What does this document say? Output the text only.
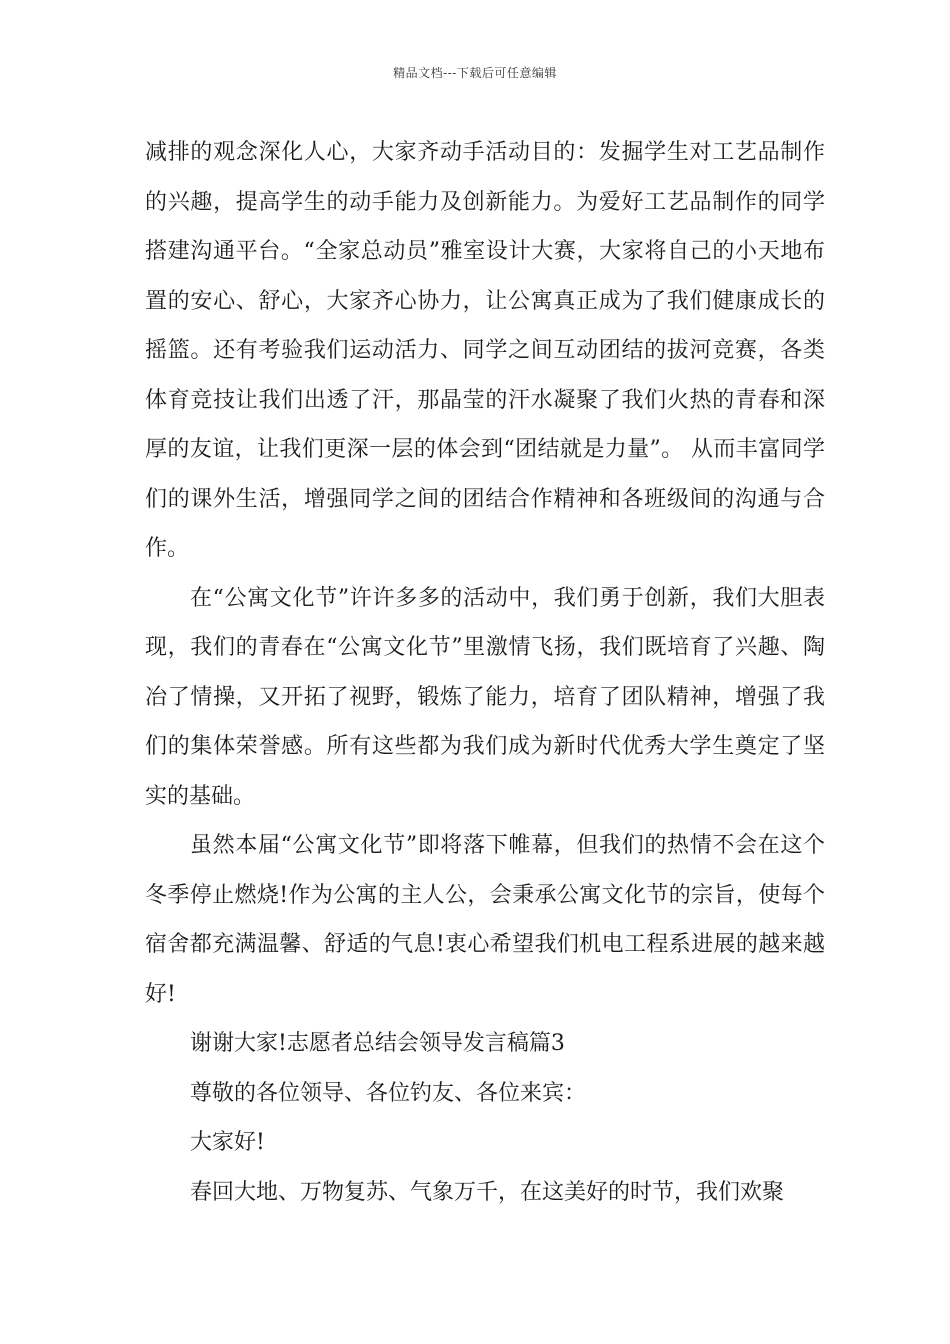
精品文档---下载后可任意编辑

减排的观念深化人心，大家齐动手活动目的：发掘学生对工艺品制作的兴趣，提高学生的动手能力及创新能力。为爱好工艺品制作的同学搭建沟通平台。“全家总动员”雅室设计大赛，大家将自己的小天地布置的安心、舒心，大家齐心协力，让公寓真正成为了我们健康成长的摇篮。还有考验我们运动活力、同学之间互动团结的拔河竞赛，各类体育竞技让我们出透了汗，那晶莹的汗水凝聚了我们火热的青春和深厚的友谊，让我们更深一层的体会到“团结就是力量”。 从而丰富同学们的课外生活，增强同学之间的团结合作精神和各班级间的沟通与合作。

在“公寓文化节”许许多多的活动中，我们勇于创新，我们大胆表现，我们的青春在“公寓文化节”里激情飞扬，我们既培育了兴趣、陶冶了情操，又开拓了视野，锻炼了能力，培育了团队精神，增强了我们的集体荣誉感。所有这些都为我们成为新时代优秀大学生奠定了坚实的基础。

虽然本届“公寓文化节”即将落下帷幕，但我们的热情不会在这个冬季停止燃烧!作为公寓的主人公，会秉承公寓文化节的宗旨，使每个宿舍都充满温馨、舒适的气息!衷心希望我们机电工程系进展的越来越好!

谢谢大家!志愿者总结会领导发言稿篇3

尊敬的各位领导、各位钓友、各位来宾：

大家好!

春回大地、万物复苏、气象万千，在这美好的时节，我们欢聚
